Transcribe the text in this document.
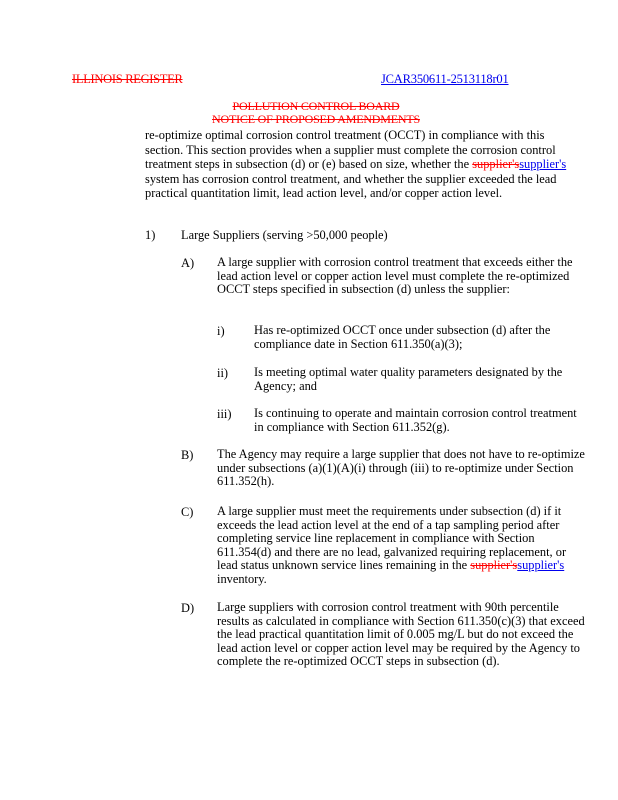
ILLINOIS REGISTER	JCAR350611-2513118r01
POLLUTION CONTROL BOARD
NOTICE OF PROPOSED AMENDMENTS
re-optimize optimal corrosion control treatment (OCCT) in compliance with this section. This section provides when a supplier must complete the corrosion control treatment steps in subsection (d) or (e) based on size, whether the supplier'ssupplier's system has corrosion control treatment, and whether the supplier exceeded the lead practical quantitation limit, lead action level, and/or copper action level.
1) Large Suppliers (serving >50,000 people)
A) A large supplier with corrosion control treatment that exceeds either the lead action level or copper action level must complete the re-optimized OCCT steps specified in subsection (d) unless the supplier:
i) Has re-optimized OCCT once under subsection (d) after the compliance date in Section 611.350(a)(3);
ii) Is meeting optimal water quality parameters designated by the Agency; and
iii) Is continuing to operate and maintain corrosion control treatment in compliance with Section 611.352(g).
B) The Agency may require a large supplier that does not have to re-optimize under subsections (a)(1)(A)(i) through (iii) to re-optimize under Section 611.352(h).
C) A large supplier must meet the requirements under subsection (d) if it exceeds the lead action level at the end of a tap sampling period after completing service line replacement in compliance with Section 611.354(d) and there are no lead, galvanized requiring replacement, or lead status unknown service lines remaining in the supplier'ssupplier's inventory.
D) Large suppliers with corrosion control treatment with 90th percentile results as calculated in compliance with Section 611.350(c)(3) that exceed the lead practical quantitation limit of 0.005 mg/L but do not exceed the lead action level or copper action level may be required by the Agency to complete the re-optimized OCCT steps in subsection (d).
